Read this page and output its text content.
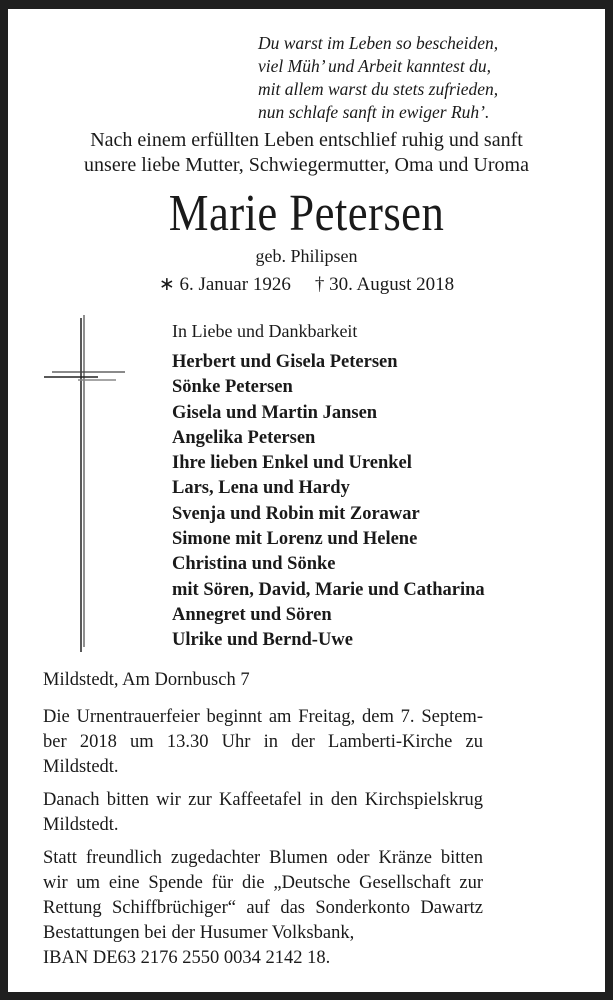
Du warst im Leben so bescheiden,
viel Müh’ und Arbeit kanntest du,
mit allem warst du stets zufrieden,
nun schlafe sanft in ewiger Ruh’.
Nach einem erfüllten Leben entschlief ruhig und sanft
unsere liebe Mutter, Schwiegermutter, Oma und Uroma
Marie Petersen
geb. Philipsen
∗ 6. Januar 1926 † 30. August 2018
In Liebe und Dankbarkeit
Herbert und Gisela Petersen
Sönke Petersen
Gisela und Martin Jansen
Angelika Petersen
Ihre lieben Enkel und Urenkel
Lars, Lena und Hardy
Svenja und Robin mit Zorawar
Simone mit Lorenz und Helene
Christina und Sönke
mit Sören, David, Marie und Catharina
Annegret und Sören
Ulrike und Bernd-Uwe
Mildstedt, Am Dornbusch 7

Die Urnentrauerfeier beginnt am Freitag, dem 7. September 2018 um 13.30 Uhr in der Lamberti-Kirche zu Mildstedt.

Danach bitten wir zur Kaffeetafel in den Kirchspielskrug Mildstedt.

Statt freundlich zugedachter Blumen oder Kränze bitten wir um eine Spende für die „Deutsche Gesellschaft zur Rettung Schiffbrüchiger“ auf das Sonderkonto Dawartz Bestattungen bei der Husumer Volksbank,

IBAN DE63 2176 2550 0034 2142 18.
